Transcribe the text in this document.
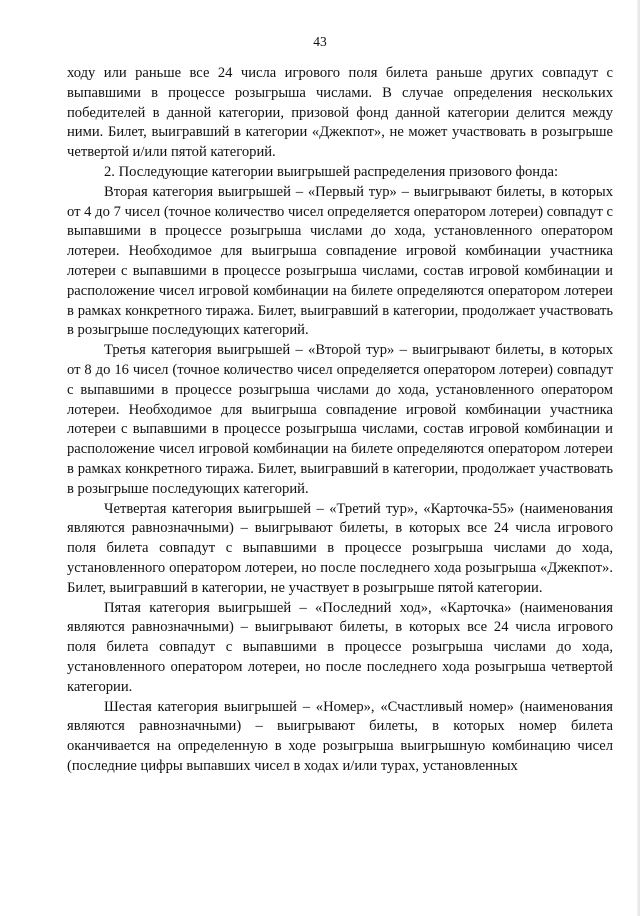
43

ходу или раньше все 24 числа игрового поля билета раньше других совпадут с выпавшими в процессе розыгрыша числами. В случае определения нескольких победителей в данной категории, призовой фонд данной категории делится между ними. Билет, выигравший в категории «Джекпот», не может участвовать в розыгрыше четвертой и/или пятой категорий.

2. Последующие категории выигрышей распределения призового фонда:

Вторая категория выигрышей – «Первый тур» – выигрывают билеты, в которых от 4 до 7 чисел (точное количество чисел определяется оператором лотереи) совпадут с выпавшими в процессе розыгрыша числами до хода, установленного оператором лотереи. Необходимое для выигрыша совпадение игровой комбинации участника лотереи с выпавшими в процессе розыгрыша числами, состав игровой комбинации и расположение чисел игровой комбинации на билете определяются оператором лотереи в рамках конкретного тиража. Билет, выигравший в категории, продолжает участвовать в розыгрыше последующих категорий.

Третья категория выигрышей – «Второй тур» – выигрывают билеты, в которых от 8 до 16 чисел (точное количество чисел определяется оператором лотереи) совпадут с выпавшими в процессе розыгрыша числами до хода, установленного оператором лотереи. Необходимое для выигрыша совпадение игровой комбинации участника лотереи с выпавшими в процессе розыгрыша числами, состав игровой комбинации и расположение чисел игровой комбинации на билете определяются оператором лотереи в рамках конкретного тиража. Билет, выигравший в категории, продолжает участвовать в розыгрыше последующих категорий.

Четвертая категория выигрышей – «Третий тур», «Карточка-55» (наименования являются равнозначными) – выигрывают билеты, в которых все 24 числа игрового поля билета совпадут с выпавшими в процессе розыгрыша числами до хода, установленного оператором лотереи, но после последнего хода розыгрыша «Джекпот». Билет, выигравший в категории, не участвует в розыгрыше пятой категории.

Пятая категория выигрышей – «Последний ход», «Карточка» (наименования являются равнозначными) – выигрывают билеты, в которых все 24 числа игрового поля билета совпадут с выпавшими в процессе розыгрыша числами до хода, установленного оператором лотереи, но после последнего хода розыгрыша четвертой категории.

Шестая категория выигрышей – «Номер», «Счастливый номер» (наименования являются равнозначными) – выигрывают билеты, в которых номер билета оканчивается на определенную в ходе розыгрыша выигрышную комбинацию чисел (последние цифры выпавших чисел в ходах и/или турах, установленных
